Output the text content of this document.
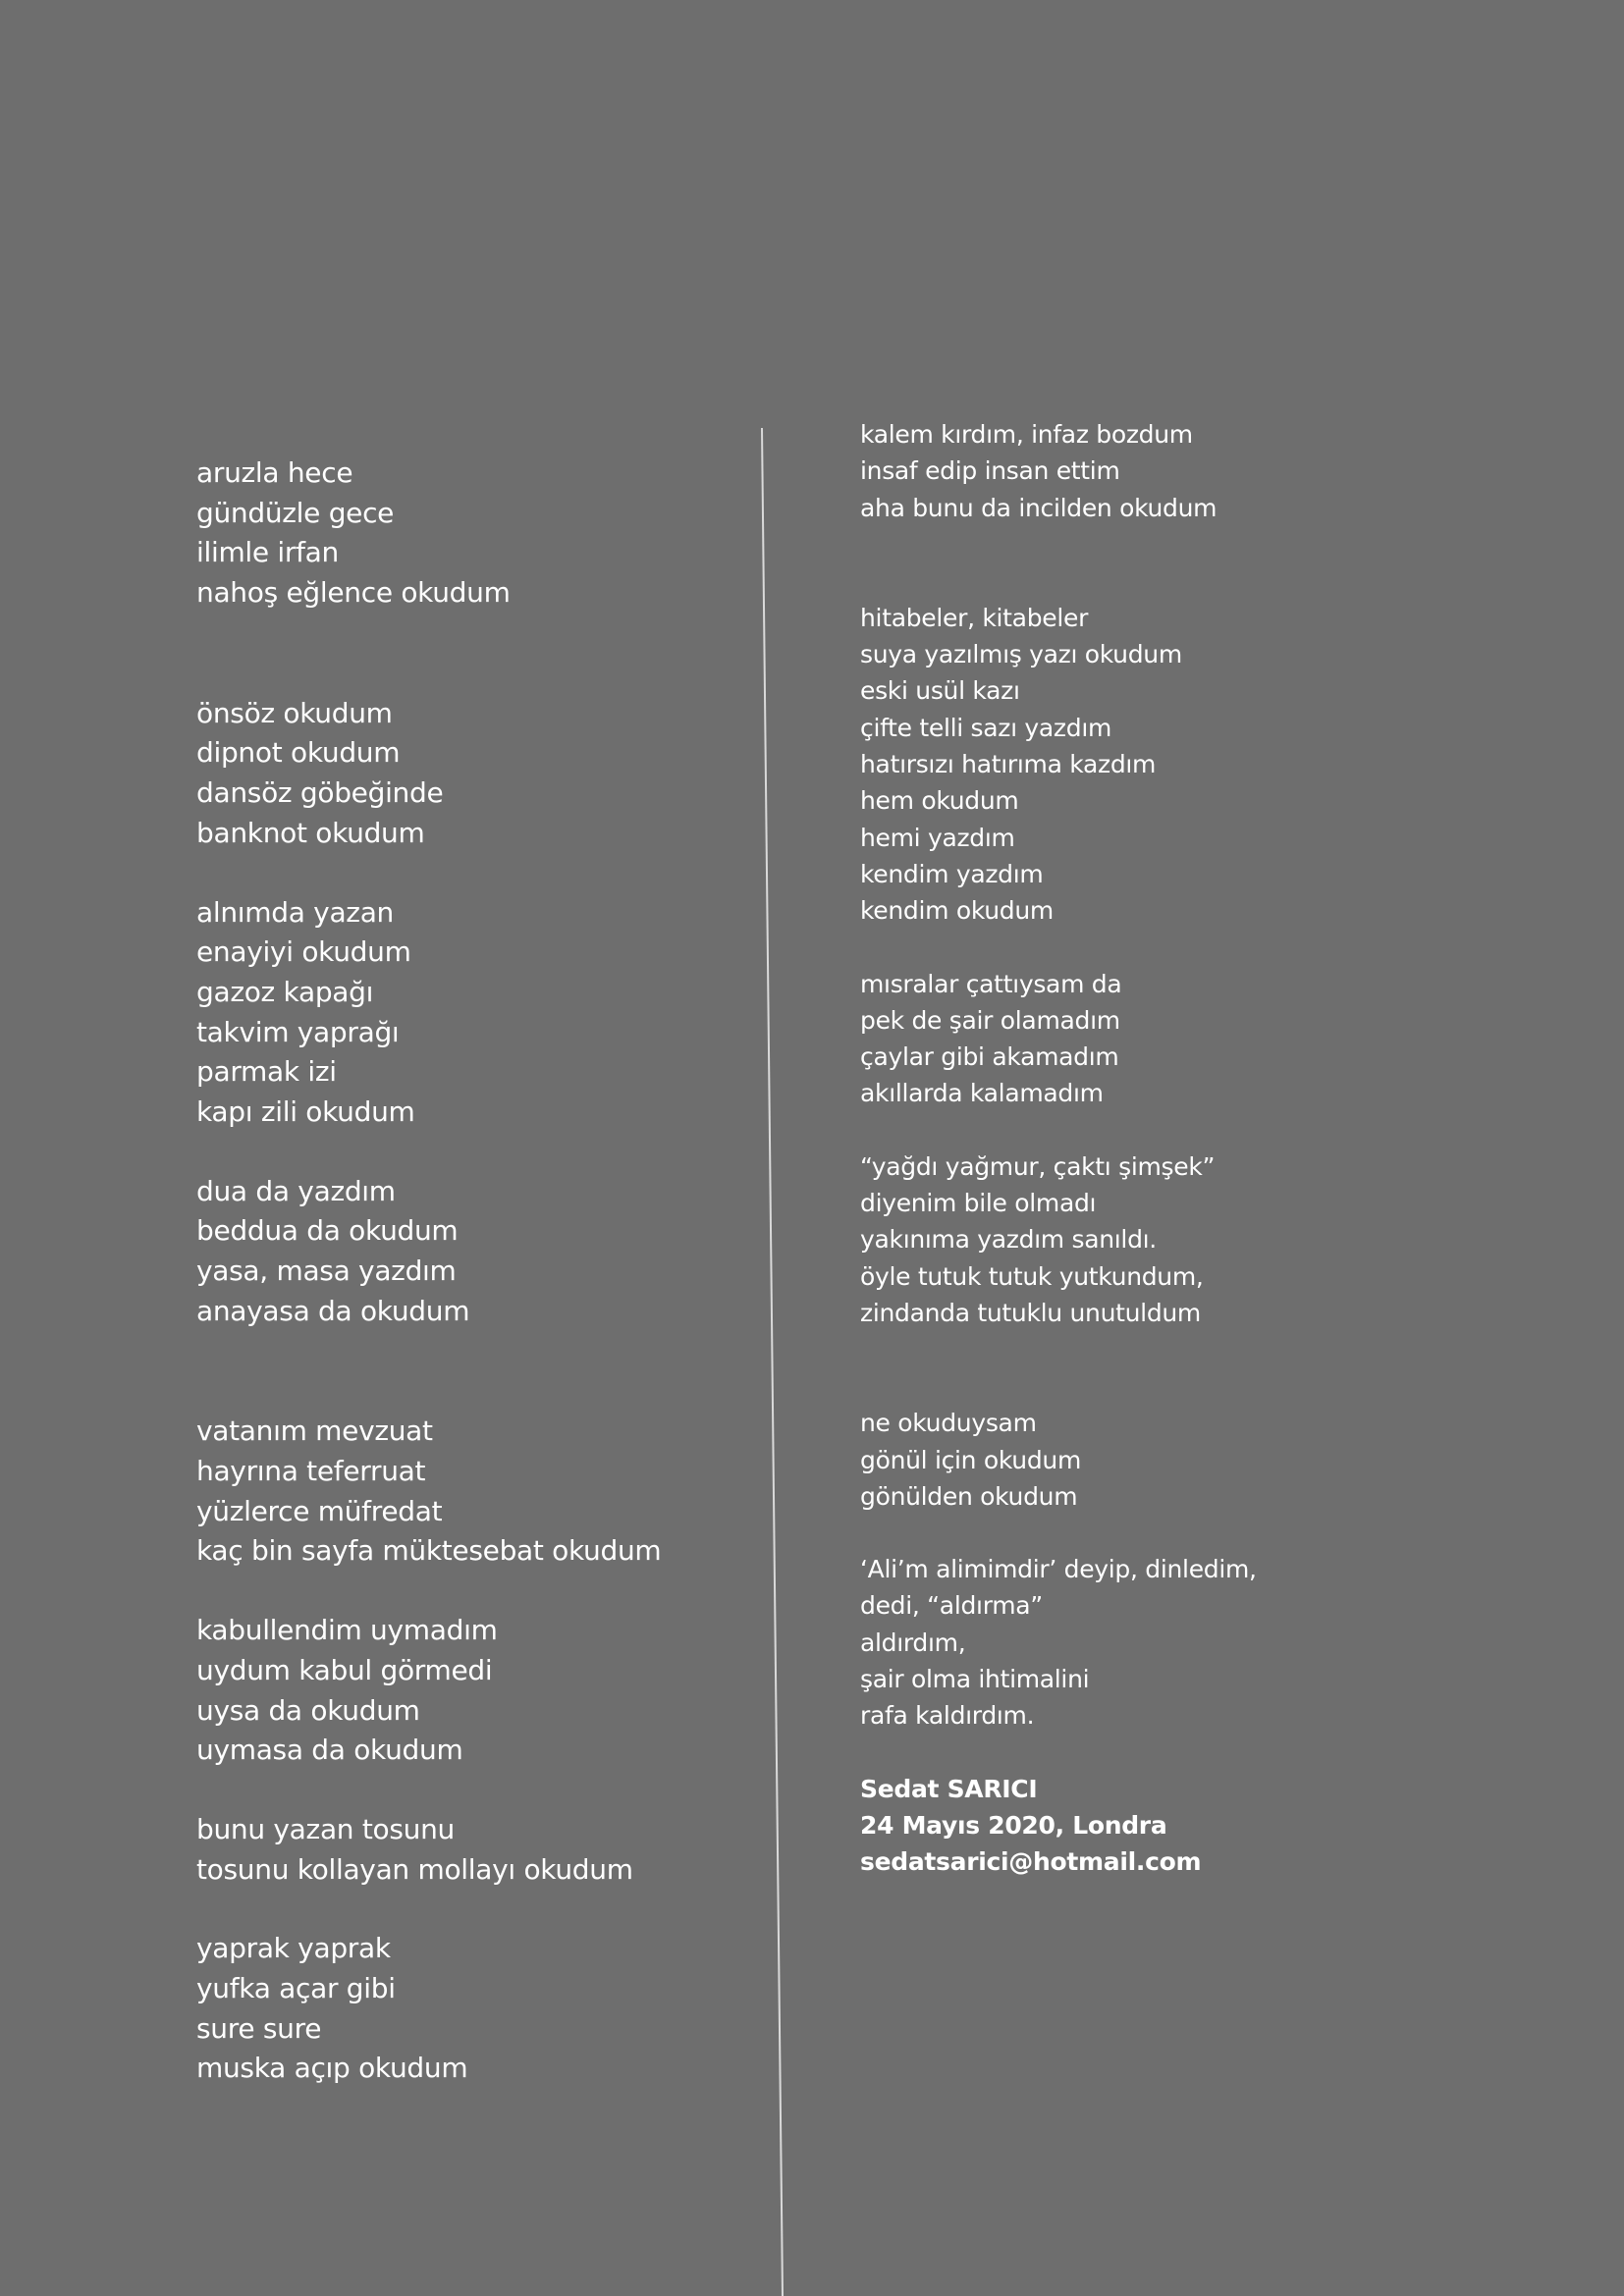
aruzla hece
gündüzle gece
ilimle irfan
nahoş eğlence okudum
önsöz okudum
dipnot okudum
dansöz göbeğinde
banknot okudum
alnımda yazan
enayiyi okudum
gazoz kapağı
takvim yaprağı
parmak izi
kapı zili okudum
dua da yazdım
beddua da okudum
yasa, masa yazdım
anayasa da okudum
vatanım mevzuat
hayrına teferruat
yüzlerce müfredat
kaç bin sayfa müktesebat okudum
kabullendim uymadım
uydum kabul görmedi
uysa da okudum
uymasa da okudum
bunu yazan tosunu
tosunu kollayan mollayı okudum
yaprak yaprak
yufka açar gibi
sure sure
muska açıp okudum
kalem kırdım, infaz bozdum
insaf edip insan ettim
aha bunu da incilden okudum
hitabeler, kitabeler
suya yazılmış yazı okudum
eski usül kazı
çifte telli sazı yazdım
hatırsızı hatırıma kazdım
hem okudum
hemi yazdım
kendim yazdım
kendim okudum
mısralar çattıysam da
pek de şair olamadım
çaylar gibi akamadım
akıllarda kalamadım
“yağdı yağmur, çaktı şimşek”
diyenim bile olmadı
yakınıma yazdım sanıldı.
öyle tutuk tutuk yutkundum,
zindanda tutuklu unutuldum
ne okuduysam
gönül için okudum
gönülden okudum
‘Ali’m alimimdir’ deyip, dinledim,
dedi, “aldırma”
aldırdım,
şair olma ihtimalini
rafa kaldırdım.
Sedat SARICI
24 Mayıs 2020, Londra
sedatsarici@hotmail.com
